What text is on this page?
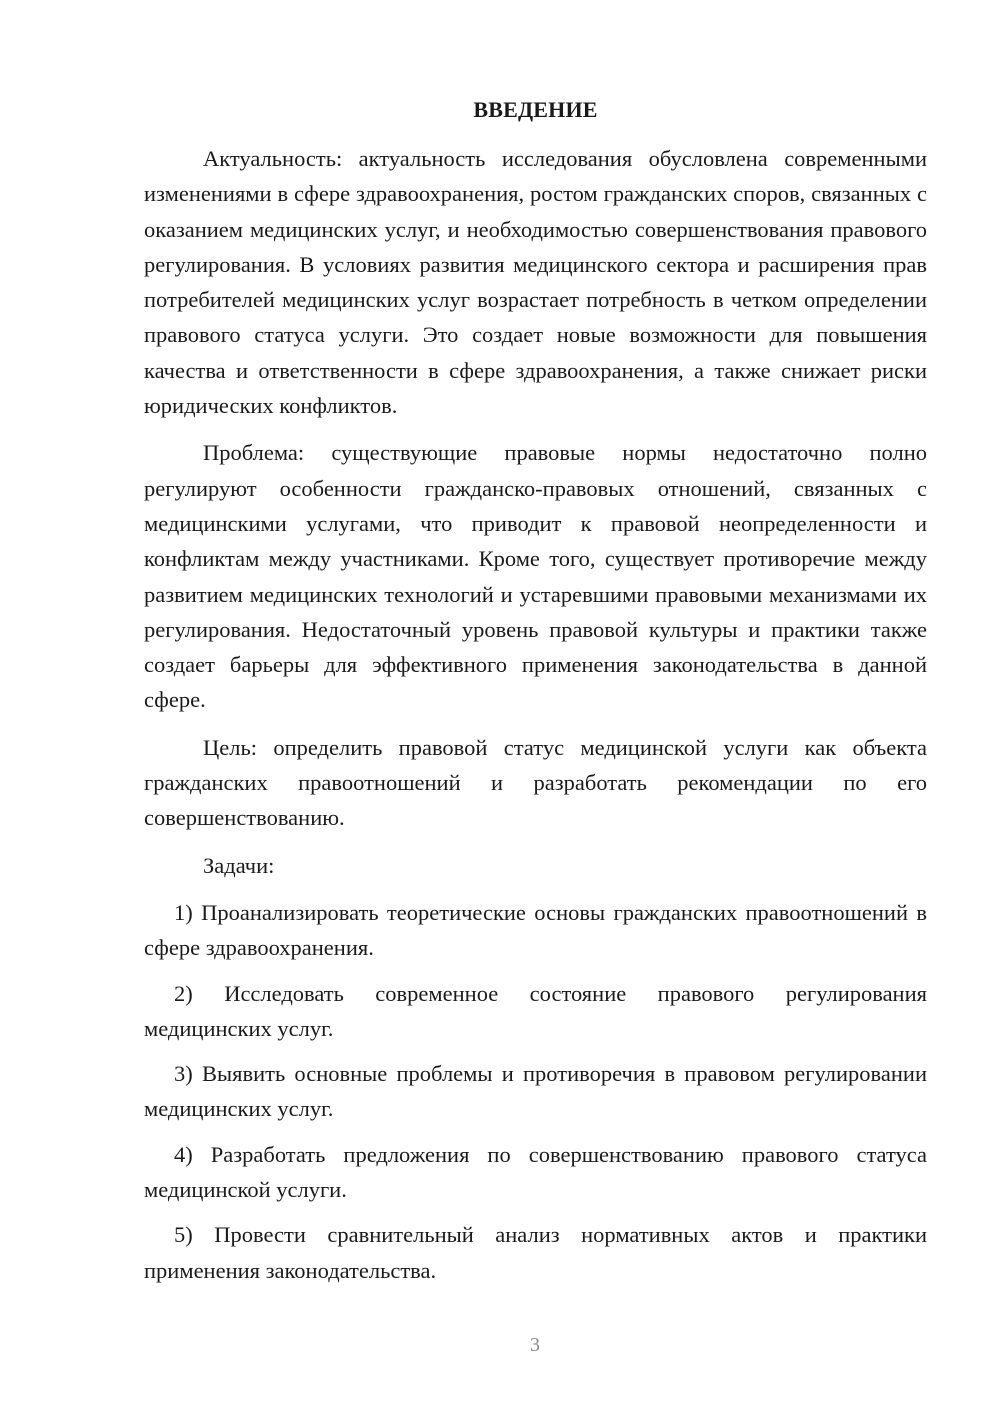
ВВЕДЕНИЕ

Актуальность: актуальность исследования обусловлена современными изменениями в сфере здравоохранения, ростом гражданских споров, связанных с оказанием медицинских услуг, и необходимостью совершенствования правового регулирования. В условиях развития медицинского сектора и расширения прав потребителей медицинских услуг возрастает потребность в четком определении правового статуса услуги. Это создает новые возможности для повышения качества и ответственности в сфере здравоохранения, а также снижает риски юридических конфликтов.

Проблема: существующие правовые нормы недостаточно полно регулируют особенности гражданско-правовых отношений, связанных с медицинскими услугами, что приводит к правовой неопределенности и конфликтам между участниками. Кроме того, существует противоречие между развитием медицинских технологий и устаревшими правовыми механизмами их регулирования. Недостаточный уровень правовой культуры и практики также создает барьеры для эффективного применения законодательства в данной сфере.

Цель: определить правовой статус медицинской услуги как объекта гражданских правоотношений и разработать рекомендации по его совершенствованию.

Задачи:

1) Проанализировать теоретические основы гражданских правоотношений в сфере здравоохранения.

2) Исследовать современное состояние правового регулирования медицинских услуг.

3) Выявить основные проблемы и противоречия в правовом регулировании медицинских услуг.

4) Разработать предложения по совершенствованию правового статуса медицинской услуги.

5) Провести сравнительный анализ нормативных актов и практики применения законодательства.

3
